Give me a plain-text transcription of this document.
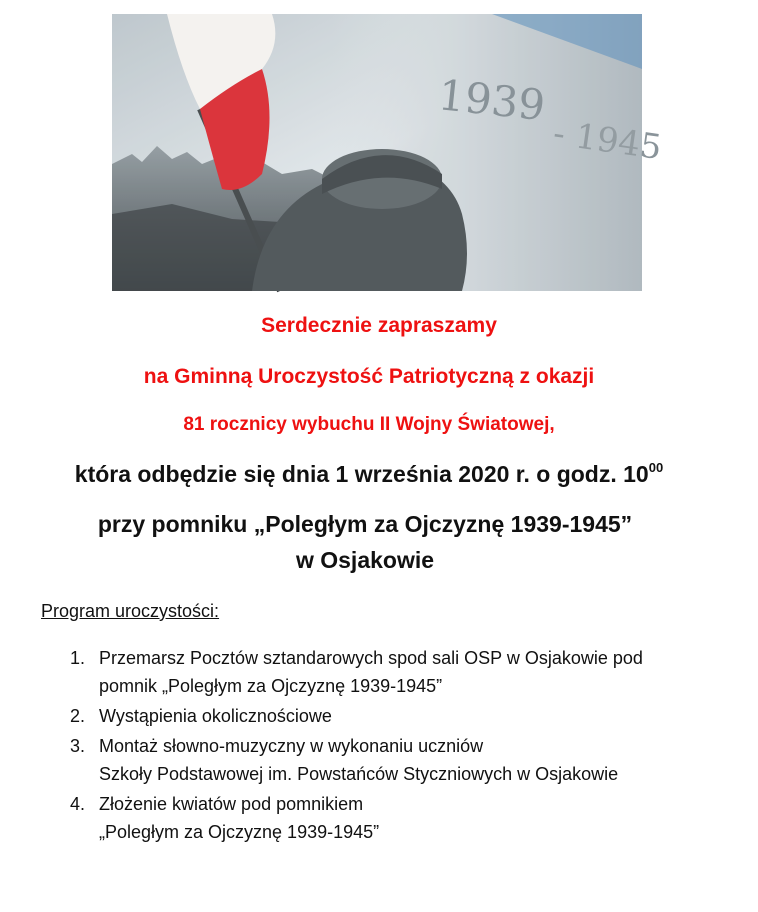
1939
- 1945
Serdecznie zapraszamy
na Gminną Uroczystość Patriotyczną z okazji
81 rocznicy wybuchu II Wojny Światowej,
która odbędzie się dnia 1 września 2020 r. o godz. $10^{00}$
przy pomniku „Poległym za Ojczyznę 1939-1945”
w Osjakowie
Program uroczystości:
1. Przemarsz Pocztów sztandarowych spod sali OSP w Osjakowie pod
pomnik „Poległym za Ojczyznę 1939-1945”
2. Wystąpienia okolicznościowe
3. Montaż słowno-muzyczny w wykonaniu uczniów
Szkoły Podstawowej im. Powstańców Styczniowych w Osjakowie
4. Złożenie kwiatów pod pomnikiem
„Poległym za Ojczyznę 1939-1945”
